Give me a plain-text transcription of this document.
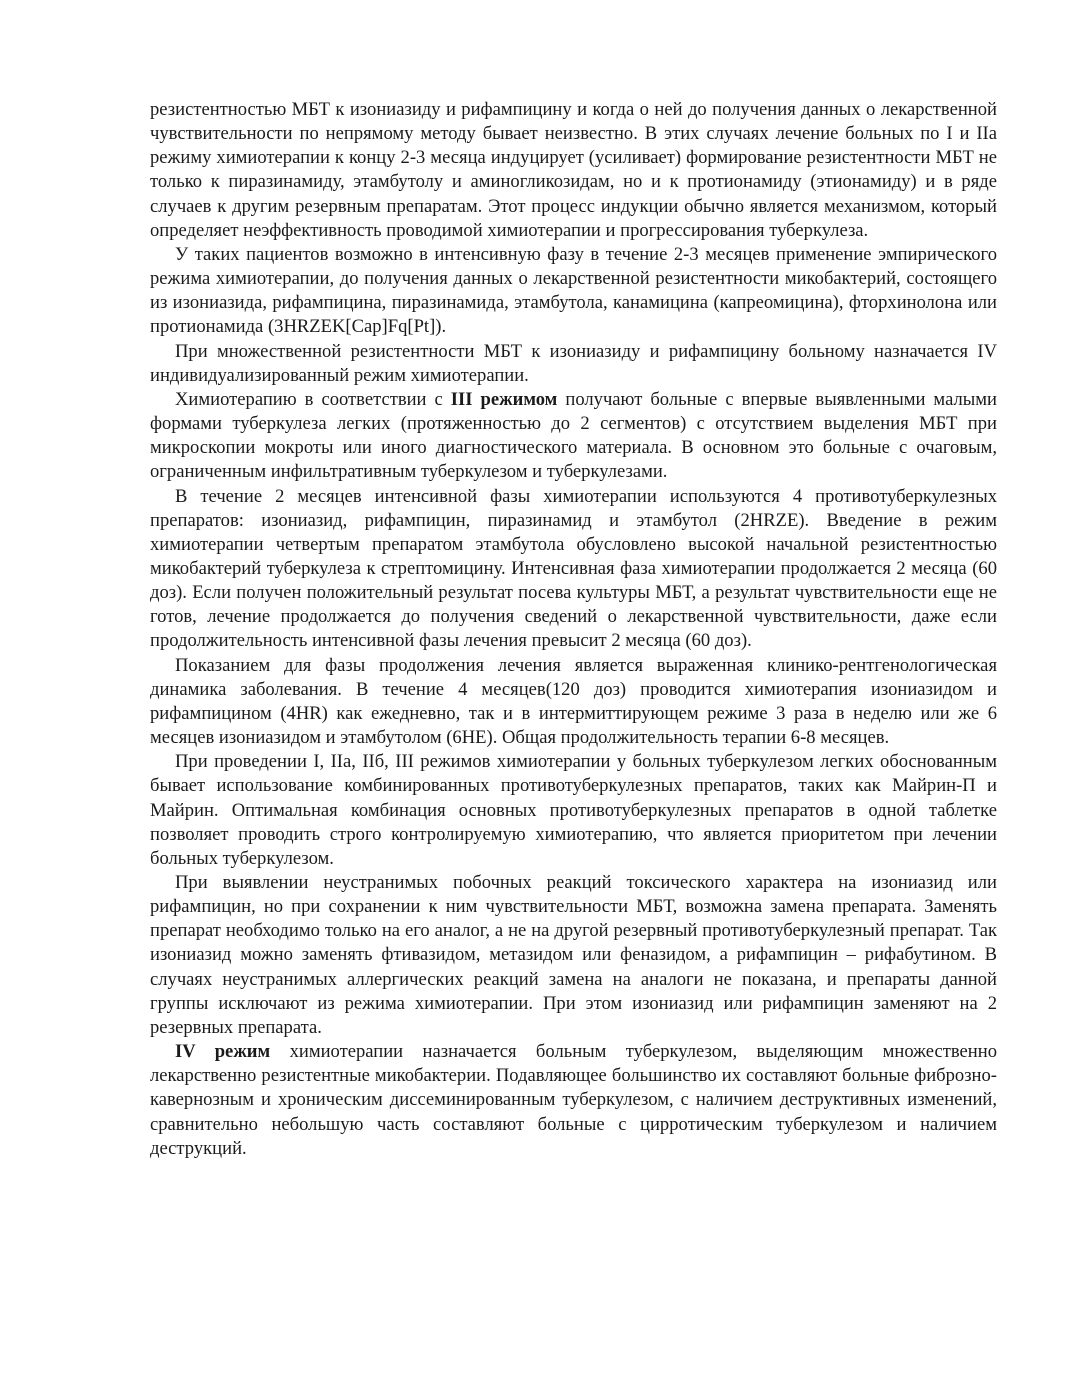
резистентностью МБТ к изониазиду и рифампицину и когда о ней до получения данных о лекарственной чувствительности по непрямому методу бывает неизвестно. В этих случаях лечение больных по I и IIa режиму химиотерапии к концу 2-3 месяца индуцирует (усиливает) формирование резистентности МБТ не только к пиразинамиду, этамбутолу и аминогликозидам, но и к протионамиду (этионамиду) и в ряде случаев к другим резервным препаратам. Этот процесс индукции обычно является механизмом, который определяет неэффективность проводимой химиотерапии и прогрессирования туберкулеза.

У таких пациентов возможно в интенсивную фазу в течение 2-3 месяцев применение эмпирического режима химиотерапии, до получения данных о лекарственной резистентности микобактерий, состоящего из изониазида, рифампицина, пиразинамида, этамбутола, канамицина (капреомицина), фторхинолона или протионамида (3HRZEK[Cap]Fq[Pt]).

При множественной резистентности МБТ к изониазиду и рифампицину больному назначается IV индивидуализированный режим химиотерапии.

Химиотерапию в соответствии с III режимом получают больные с впервые выявленными малыми формами туберкулеза легких (протяженностью до 2 сегментов) с отсутствием выделения МБТ при микроскопии мокроты или иного диагностического материала. В основном это больные с очаговым, ограниченным инфильтративным туберкулезом и туберкулезами.

В течение 2 месяцев интенсивной фазы химиотерапии используются 4 противотуберкулезных препаратов: изониазид, рифампицин, пиразинамид и этамбутол (2HRZE). Введение в режим химиотерапии четвертым препаратом этамбутола обусловлено высокой начальной резистентностью микобактерий туберкулеза к стрептомицину. Интенсивная фаза химиотерапии продолжается 2 месяца (60 доз). Если получен положительный результат посева культуры МБТ, а результат чувствительности еще не готов, лечение продолжается до получения сведений о лекарственной чувствительности, даже если продолжительность интенсивной фазы лечения превысит 2 месяца (60 доз).

Показанием для фазы продолжения лечения является выраженная клинико-рентгенологическая динамика заболевания. В течение 4 месяцев(120 доз) проводится химиотерапия изониазидом и рифампицином (4HR) как ежедневно, так и в интермиттирующем режиме 3 раза в неделю или же 6 месяцев изониазидом и этамбутолом (6HE). Общая продолжительность терапии 6-8 месяцев.

При проведении I, IIa, IIб, III режимов химиотерапии у больных туберкулезом легких обоснованным бывает использование комбинированных противотуберкулезных препаратов, таких как Майрин-П и Майрин. Оптимальная комбинация основных противотуберкулезных препаратов в одной таблетке позволяет проводить строго контролируемую химиотерапию, что является приоритетом при лечении больных туберкулезом.

При выявлении неустранимых побочных реакций токсического характера на изониазид или рифампицин, но при сохранении к ним чувствительности МБТ, возможна замена препарата. Заменять препарат необходимо только на его аналог, а не на другой резервный противотуберкулезный препарат. Так изониазид можно заменять фтивазидом, метазидом или феназидом, а рифампицин – рифабутином. В случаях неустранимых аллергических реакций замена на аналоги не показана, и препараты данной группы исключают из режима химиотерапии. При этом изониазид или рифампицин заменяют на 2 резервных препарата.

IV режим химиотерапии назначается больным туберкулезом, выделяющим множественно лекарственно резистентные микобактерии. Подавляющее большинство их составляют больные фиброзно-кавернозным и хроническим диссеминированным туберкулезом, с наличием деструктивных изменений, сравнительно небольшую часть составляют больные с цирротическим туберкулезом и наличием деструкций.
